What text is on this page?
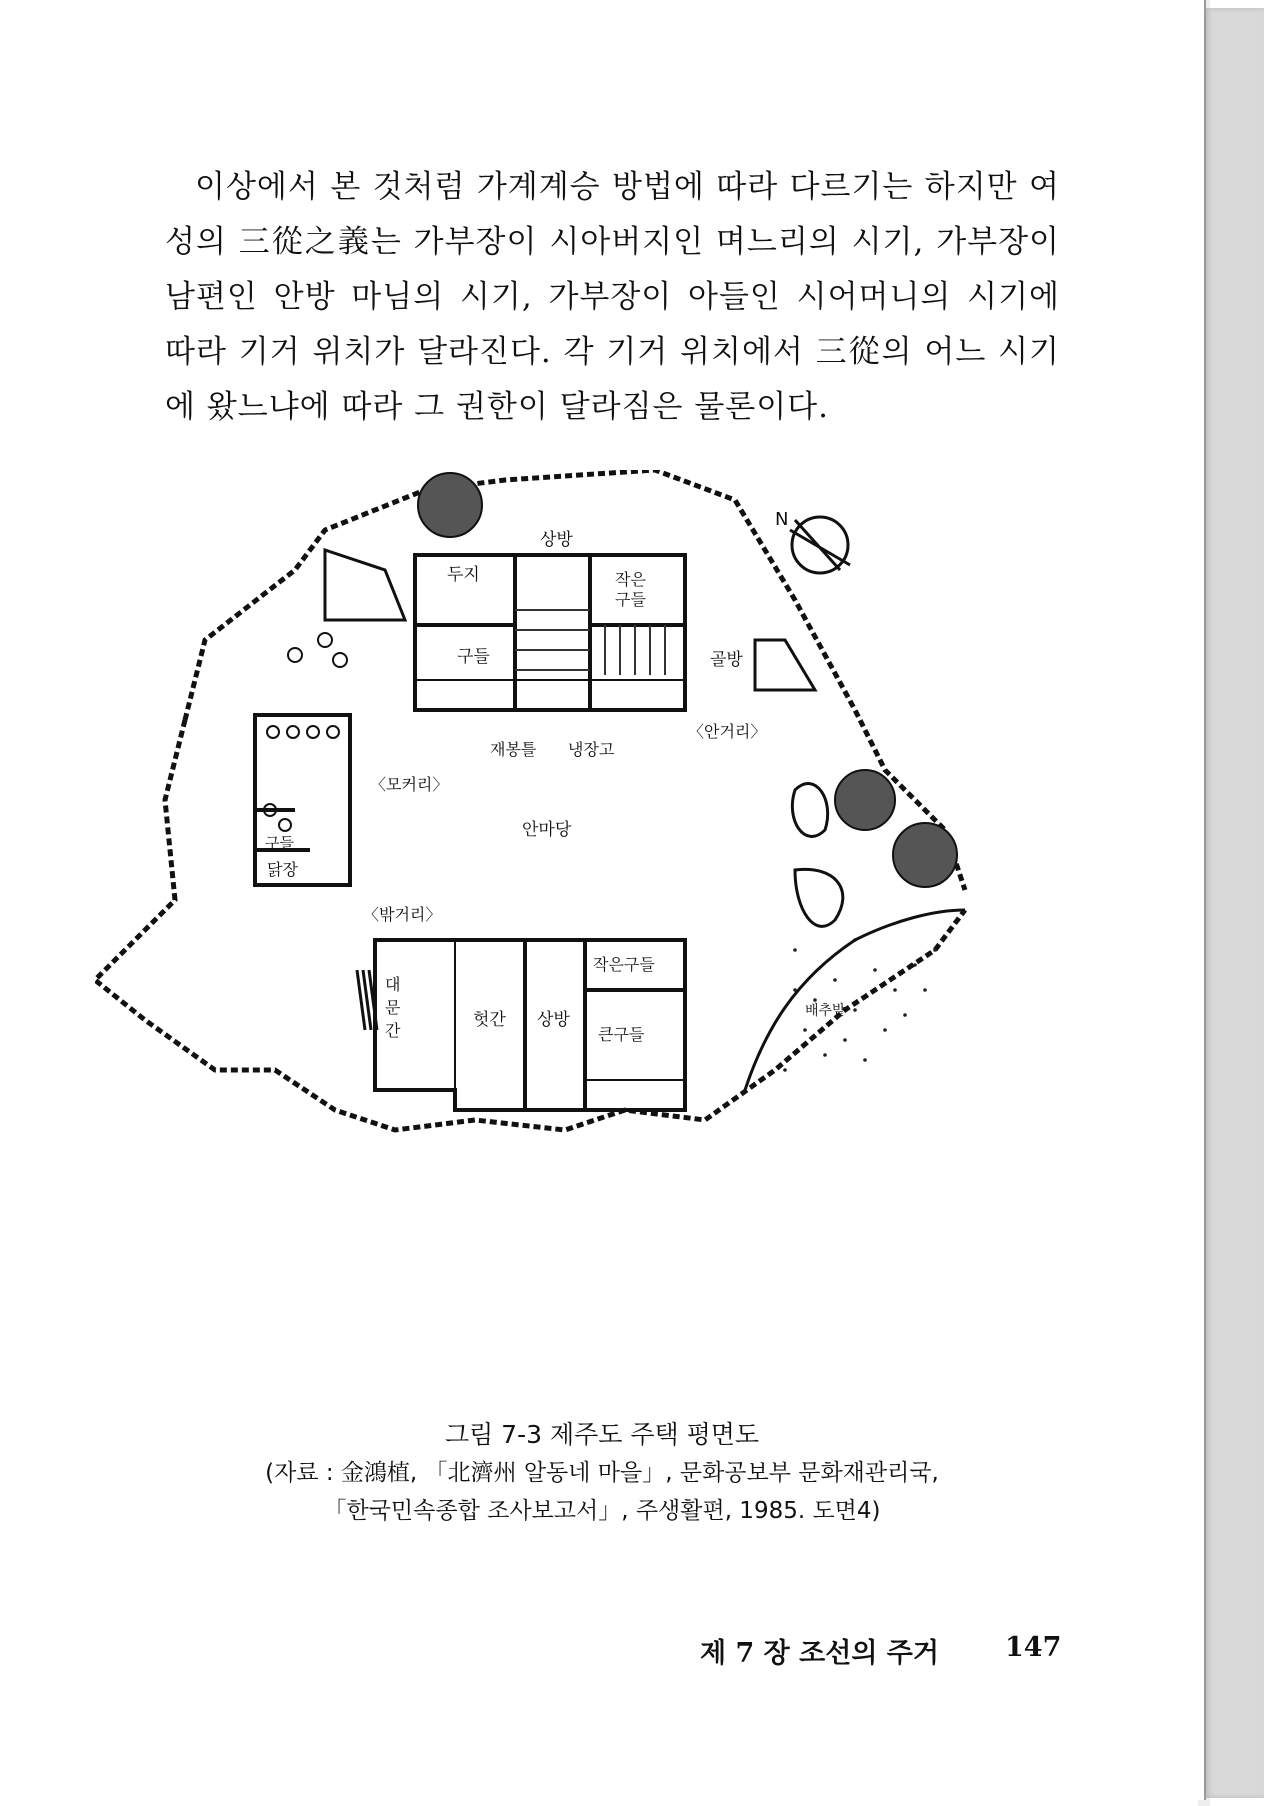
이상에서 본 것처럼 가계계승 방법에 따라 다르기는 하지만 여성의 三從之義는 가부장이 시아버지인 며느리의 시기, 가부장이 남편인 안방 마님의 시기, 가부장이 아들인 시어머니의 시기에 따라 기거 위치가 달라진다. 각 기거 위치에서 三從의 어느 시기에 왔느냐에 따라 그 권한이 달라짐은 물론이다.

N
상방
두지	작은
구들
구들	골방
〈안거리〉
재봉틀 냉장고
〈모커리〉
안마당
구들
닭장
〈밖거리〉
대
문
간
헛간 상방
작은구들
큰구들
배추밭
그림 7-3 제주도 주택 평면도
(자료 : 金鴻植, 「北濟州 알동네 마을」, 문화공보부 문화재관리국,
「한국민속종합 조사보고서」, 주생활편, 1985. 도면4)
제 7 장 조선의 주거 147
